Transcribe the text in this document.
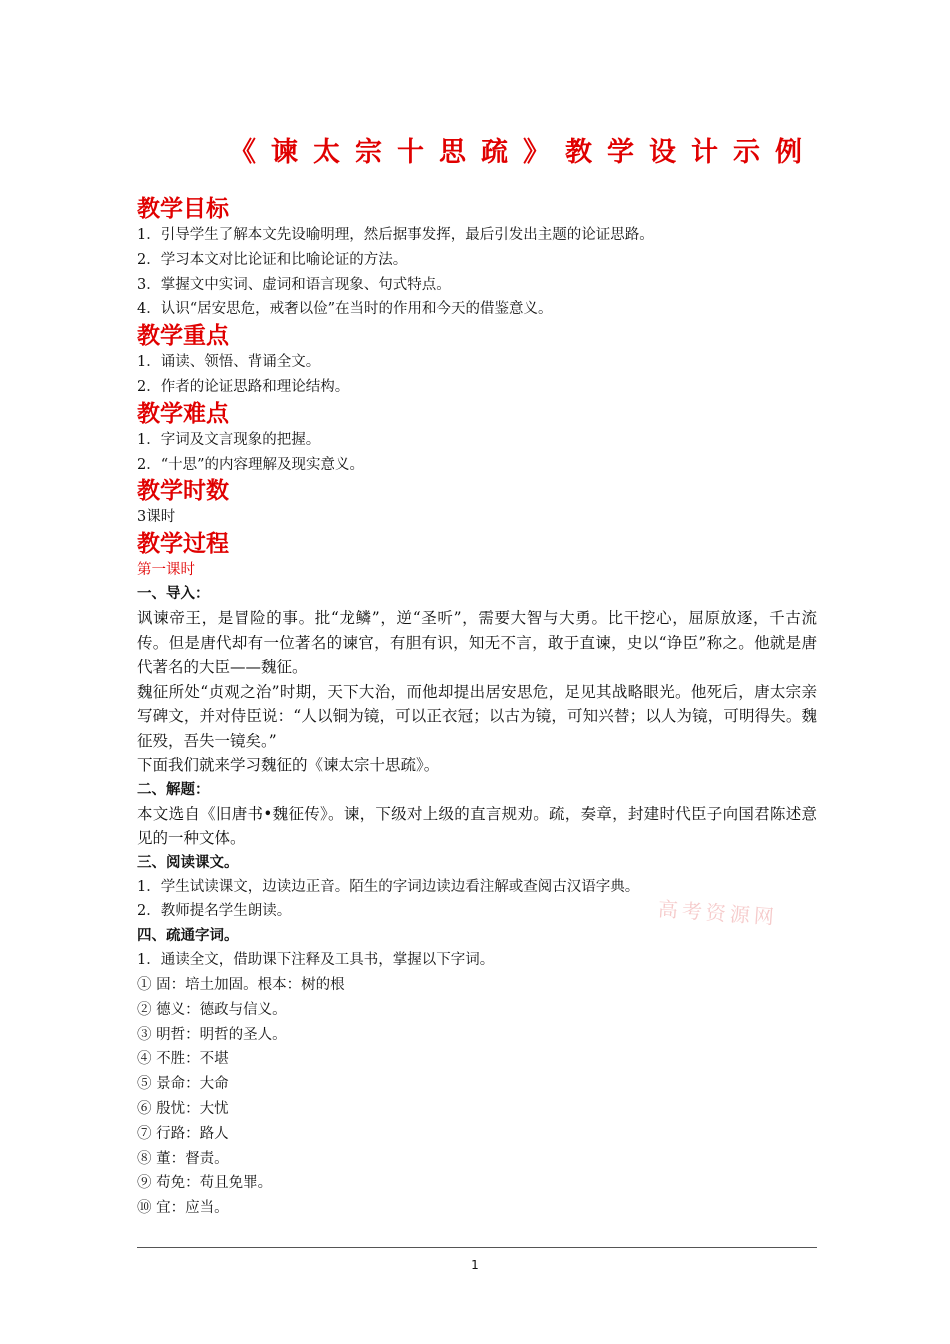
《谏太宗十思疏》教学设计示例
教学目标

1．引导学生了解本文先设喻明理，然后据事发挥，最后引发出主题的论证思路。

2．学习本文对比论证和比喻论证的方法。

3．掌握文中实词、虚词和语言现象、句式特点。

4．认识“居安思危，戒奢以俭”在当时的作用和今天的借鉴意义。

教学重点

1．诵读、领悟、背诵全文。

2．作者的论证思路和理论结构。

教学难点

1．字词及文言现象的把握。

2．“十思”的内容理解及现实意义。

教学时数

3课时

教学过程

第一课时

一、导入：

讽谏帝王，是冒险的事。批“龙鳞”，逆“圣听”，需要大智与大勇。比干挖心，屈原放逐，千古流传。但是唐代却有一位著名的谏官，有胆有识，知无不言，敢于直谏，史以“诤臣”称之。他就是唐代著名的大臣——魏征。

魏征所处“贞观之治”时期，天下大治，而他却提出居安思危，足见其战略眼光。他死后，唐太宗亲写碑文，并对侍臣说：“人以铜为镜，可以正衣冠；以古为镜，可知兴替；以人为镜，可明得失。魏征殁，吾失一镜矣。”

下面我们就来学习魏征的《谏太宗十思疏》。

二、解题：

本文选自《旧唐书•魏征传》。谏，下级对上级的直言规劝。疏，奏章，封建时代臣子向国君陈述意见的一种文体。

三、阅读课文。

1．学生试读课文，边读边正音。陌生的字词边读边看注解或查阅古汉语字典。

2．教师提名学生朗读。

四、疏通字词。

1．通读全文，借助课下注释及工具书，掌握以下字词。

① 固：培土加固。根本：树的根

② 德义：德政与信义。

③ 明哲：明哲的圣人。

④ 不胜：不堪

⑤ 景命：大命

⑥ 殷忧：大忧

⑦ 行路：路人

⑧ 董：督责。

⑨ 苟免：苟且免罪。

⑩ 宜：应当。

高考资源网
1
